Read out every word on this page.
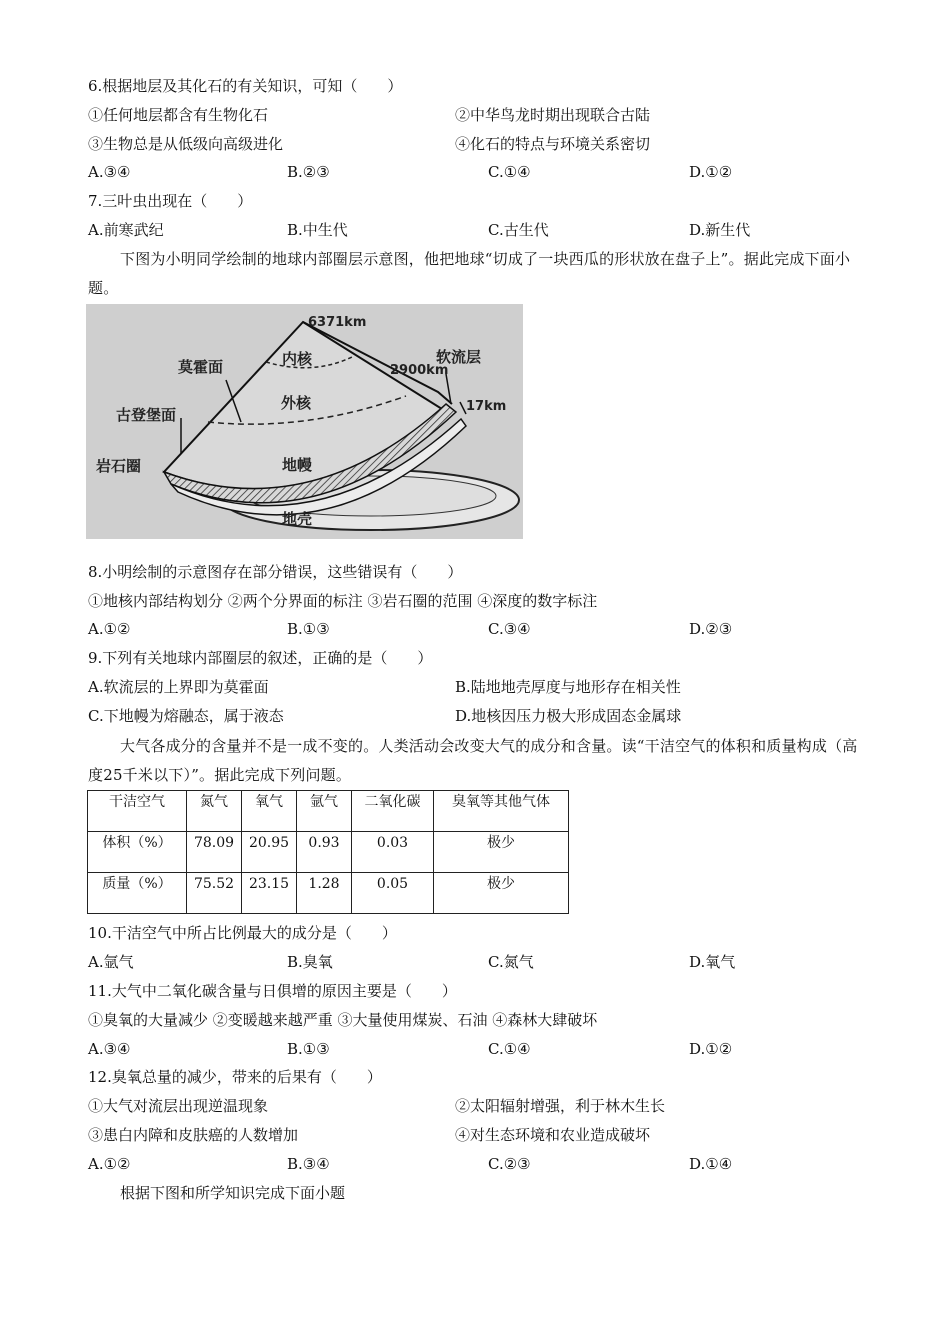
6.根据地层及其化石的有关知识，可知（　　）
①任何地层都含有生物化石	②中华鸟龙时期出现联合古陆
③生物总是从低级向高级进化	④化石的特点与环境关系密切
A.③④	B.②③	C.①④	D.①②
7.三叶虫出现在（　　）
A.前寒武纪	B.中生代	C.古生代	D.新生代

下图为小明同学绘制的地球内部圈层示意图，他把地球“切成了一块西瓜的形状放在盘子上”。据此完成下面小题。

6371km
内核
莫霍面	2900km
软流层
外核
古登堡面	17km
地幔
岩石圈
地壳
8.小明绘制的示意图存在部分错误，这些错误有（　　）
①地核内部结构划分 ②两个分界面的标注 ③岩石圈的范围 ④深度的数字标注
A.①②	B.①③	C.③④	D.②③
9.下列有关地球内部圈层的叙述，正确的是（　　）
A.软流层的上界即为莫霍面	B.陆地地壳厚度与地形存在相关性
C.下地幔为熔融态，属于液态	D.地核因压力极大形成固态金属球

大气各成分的含量并不是一成不变的。人类活动会改变大气的成分和含量。读“干洁空气的体积和质量构成（高度25千米以下）”。据此完成下列问题。

干洁空气	氮气	氧气	氩气	二氧化碳	臭氧等其他气体
体积（%）	78.09	20.95	0.93	0.03	极少
质量（%）	75.52	23.15	1.28	0.05	极少
10.干洁空气中所占比例最大的成分是（　　）
A.氩气	B.臭氧	C.氮气	D.氧气
11.大气中二氧化碳含量与日俱增的原因主要是（　　）
①臭氧的大量减少 ②变暖越来越严重 ③大量使用煤炭、石油 ④森林大肆破坏
A.③④	B.①③	C.①④	D.①②
12.臭氧总量的减少，带来的后果有（　　）
①大气对流层出现逆温现象	②太阳辐射增强，利于林木生长
③患白内障和皮肤癌的人数增加	④对生态环境和农业造成破坏
A.①②	B.③④	C.②③	D.①④
根据下图和所学知识完成下面小题
